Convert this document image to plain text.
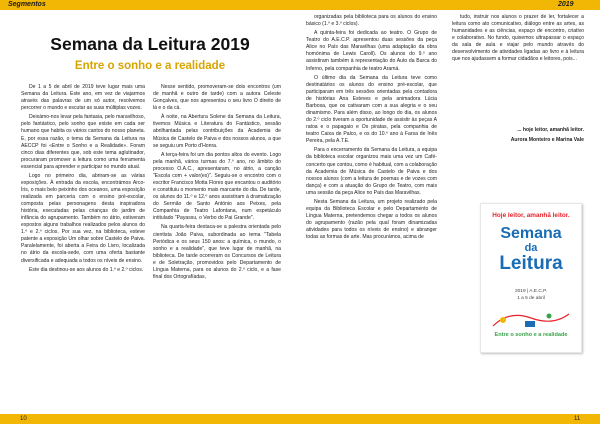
Segmentos	2019
Semana da Leitura 2019
Entre o sonho e a realidade

De 1 a 5 de abril de 2019 teve lugar mais uma Semana da Leitura. Este ano, em vez de viajarmos através das palavras de um só autor, resolvemos percorrer o mundo e escutar as suas múltiplas vozes.

Deixámo-nos levar pela fantasia, pelo maravilhoso, pelo fantástico, pelo sonho que existe em cada ser humano que habita os vários cantos do nosso planeta. E, por essa razão, o tema da Semana da Leitura na AECCP foi «Entre o Sonho e a Realidade». Foram cinco dias diferentes que, sob este tema aglutinador, procuraram promover a leitura como uma ferramenta essencial para aprender e participar no mundo atual.

Logo no primeiro dia, abriram-se as várias exposições. À entrada da escola, encontrámos Arco-Íris, o mais belo peixinho dos oceanos, uma exposição realizada em parceria com o ensino pré-escolar, composta pelas personagens desta inspiradora história, executadas pelas crianças do jardim de infância do agrupamento. Também no átrio, estiveram expostos alguns trabalhos realizados pelos alunos do 1.º e 2.º ciclos. Por sua vez, na biblioteca, esteve patente a exposição Um olhar sobre Castelo de Paiva. Paralelamente, foi aberta a Feira do Livro, localizada no átrio da escola-sede, com uma oferta bastante diversificada e adequada a todos os níveis de ensino.

Este dia destinou-se aos alunos do 1.º e 2.º ciclos.

Nesse sentido, promoveram-se dois encontros (um de manhã e outro de tarde) com a autora Celeste Gonçalves, que nos apresentou o seu livro O direito de lá e o da cá.

À noite, na Abertura Solene da Semana da Leitura, tivemos Música e Literatura do Fantástico, sessão abrilhantada pelas contribuições da Academia de Música de Castelo de Paiva e dos nossos alunos, a que se seguiu um Porto d'Honra.

A terça-feira foi um dia pontos altos do evento. Logo pela manhã, vários turmas do 7.º ano, no âmbito do processo O.A.C., apresentaram, no átrio, a canção "Escola com + valor(es)". Seguiu-se o encontro com o escritor Francisco Motta Flores que encantou o auditório e constituiu o momento mais marcante do dia. De tarde, os alunos do 11.º e 12.º anos assistiram à dramatização do Sermão de Santo António aos Peixes, pela Companhia de Teatro Lafontana, num espetáculo intitulado "Payassu, o Verbo do Pai Grande".

Na quarta-feira destaca-se a palestra orientada pelo cientista João Paiva, subordinada ao tema "Tabela Periódica e os seus 150 anos: a química, o mundo, o sonho e a realidade", que teve lugar de manhã, na biblioteca. De tarde ocorreram os Concursos de Leitura e de Soletração, promovidos pelo Departamento de Língua Materna, para os alunos do 2.º ciclo, e a fase final dos Ortografíadas,

organizadas pela biblioteca para os alunos do ensino básico (1.º e 3.º ciclos).

A quinta-feira foi dedicada ao teatro. O Grupo de Teatro do A.E.C.P. apresentou duas sessões da peça Alice no País das Maravilhas (uma adaptação da obra homónima de Lewis Caroll). Os alunos do 9.º ano assistiram também à representação do Auto da Barca do Inferno, pela companhia de teatro Aramá.

O último dia da Semana da Leitura teve como destinatários os alunos do ensino pré-escolar, que participaram em três sessões orientadas pela contadora de histórias Ana Esteves e pela animadora Lúcia Barbosa, que os cativaram com a sua alegria e o seu dinamismo. Para além disso, ao longo do dia, os alunos do 2.º ciclo tiveram a oportunidade de assistir às peças A ratoa e o papagaio e Os piratas, pela companhia de teatro Caixa de Palco, e os do 10.º ano à Farsa de Inês Pereira, pela A.T.E.

Para o encerramento da Semana da Leitura, a equipa da biblioteca escolar organizou mais uma vez um Café-concerto que contou, como é habitual, com a colaboração da Academia de Música de Castelo de Paiva e dos nossos alunos (com a leitura de poemas e de vozes com dança) e com a atuação do Grupo de Teatro, com mais uma sessão da peça Alice no País das Maravilhas.

Nesta Semana da Leitura, um projeto realizado pela equipa da Biblioteca Escolar e pelo Departamento de Língua Materna, pretendemos chegar a todos os alunos do agrupamento (razão pela qual foram dinamizadas atividades para todos os níveis de ensino) e abranger todas as formas de arte. Mas procurámos, acima de

tudo, instruir nos alunos o prazer de ler, fortalecer a leitura como ato comunicativo, diálogo entre as artes, as humanidades e as ciências, espaço de encontro, criativo e colaborativo. No fundo, quisemos ultrapassar o espaço da sala de aula e viajar pelo mundo através do desenvolvimento de atividades ligadas ao livro e à leitura que nos ajudassem a formar cidadãos e leitores, pois...

... hoje leitor, amanhã leitor.
Aurora Monteiro e Marina Vale
Hoje leitor, amanhã leitor.
Semana
da
Leitura
2019 | A.E.C.P.
1 a 5 de abril
Entre o sonho e a realidade
10	11
